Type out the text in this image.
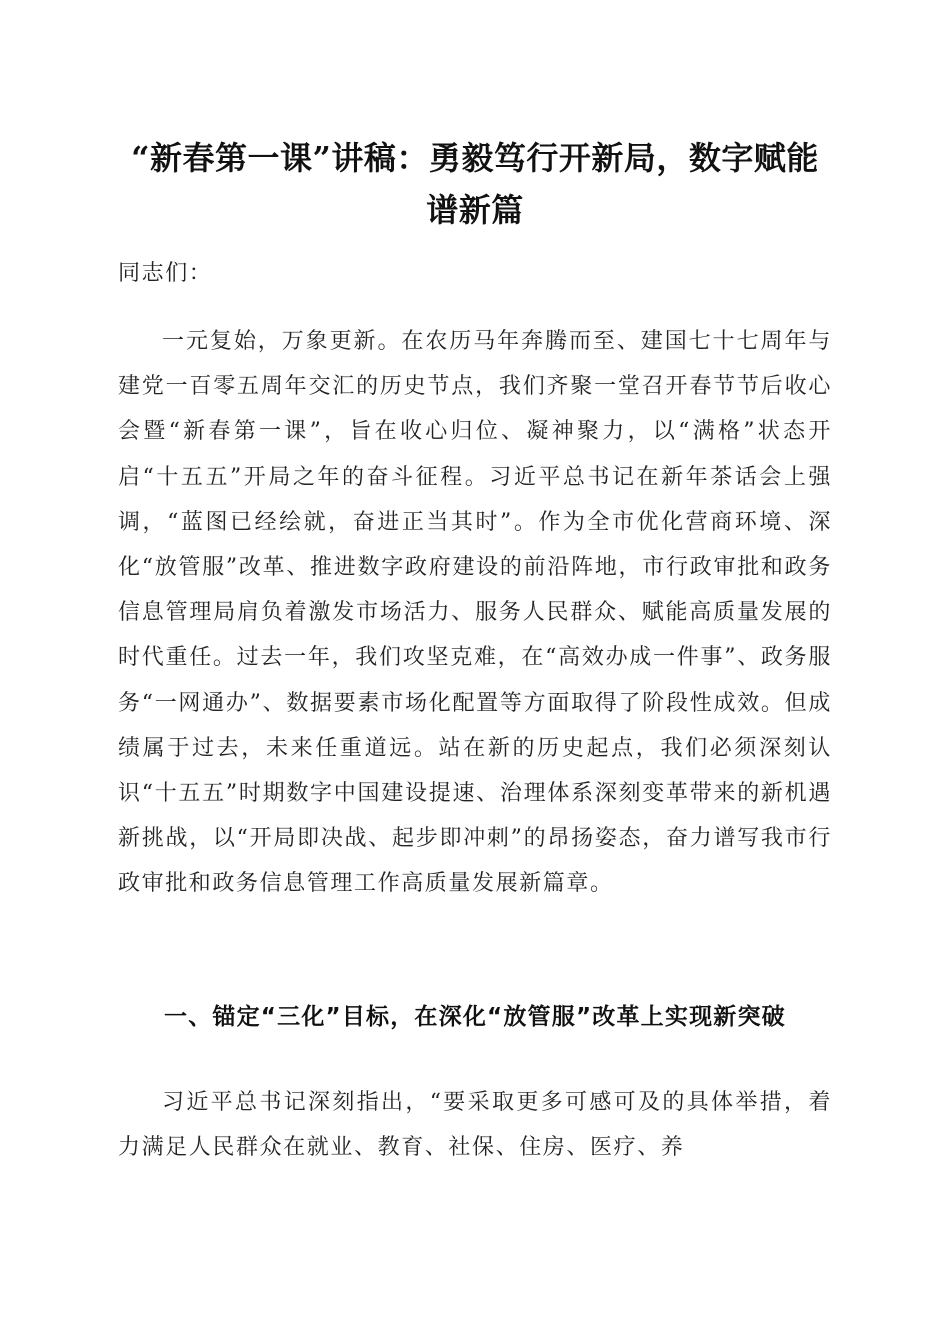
“新春第一课”讲稿：勇毅笃行开新局，数字赋能谱新篇

同志们：

一元复始，万象更新。在农历马年奔腾而至、建国七十七周年与建党一百零五周年交汇的历史节点，我们齐聚一堂召开春节节后收心会暨“新春第一课”，旨在收心归位、凝神聚力，以“满格”状态开启“十五五”开局之年的奋斗征程。习近平总书记在新年茶话会上强调，“蓝图已经绘就，奋进正当其时”。作为全市优化营商环境、深化“放管服”改革、推进数字政府建设的前沿阵地，市行政审批和政务信息管理局肩负着激发市场活力、服务人民群众、赋能高质量发展的时代重任。过去一年，我们攻坚克难，在“高效办成一件事”、政务服务“一网通办”、数据要素市场化配置等方面取得了阶段性成效。但成绩属于过去，未来任重道远。站在新的历史起点，我们必须深刻认识“十五五”时期数字中国建设提速、治理体系深刻变革带来的新机遇新挑战，以“开局即决战、起步即冲刺”的昂扬姿态，奋力谱写我市行政审批和政务信息管理工作高质量发展新篇章。

一、锚定“三化”目标，在深化“放管服”改革上实现新突破

习近平总书记深刻指出，“要采取更多可感可及的具体举措，着力满足人民群众在就业、教育、社保、住房、医疗、养
